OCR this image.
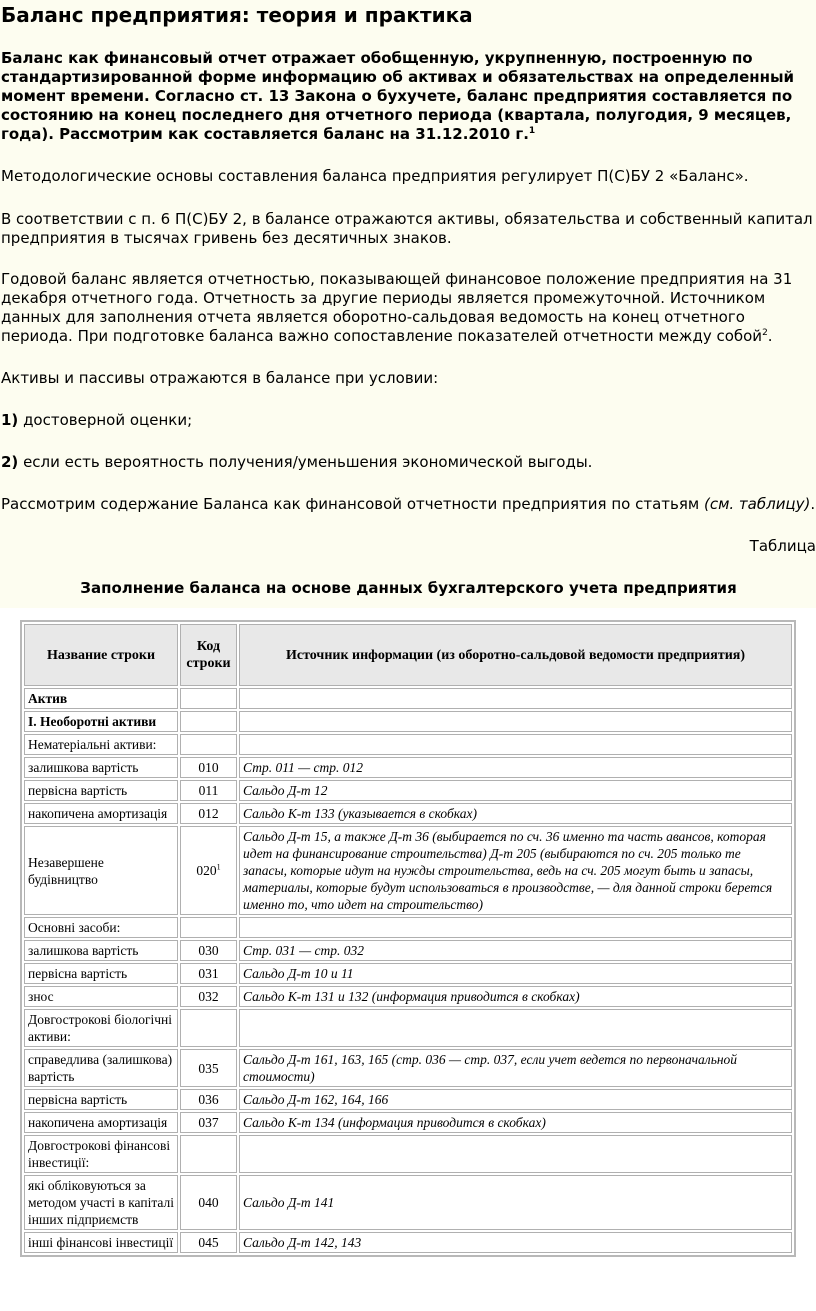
Баланс предприятия: теория и практика
Баланс как финансовый отчет отражает обобщенную, укрупненную, построенную по стандартизированной форме информацию об активах и обязательствах на определенный момент времени. Согласно ст. 13 Закона о бухучете, баланс предприятия составляется по состоянию на конец последнего дня отчетного периода (квартала, полугодия, 9 месяцев, года). Рассмотрим как составляется баланс на 31.12.2010 г.$^1$
Методологические основы составления баланса предприятия регулирует П(С)БУ 2 «Баланс».
В соответствии с п. 6 П(С)БУ 2, в балансе отражаются активы, обязательства и собственный капитал предприятия в тысячах гривень без десятичных знаков.
Годовой баланс является отчетностью, показывающей финансовое положение предприятия на 31 декабря отчетного года. Отчетность за другие периоды является промежуточной. Источником данных для заполнения отчета является оборотно-сальдовая ведомость на конец отчетного периода. При подготовке баланса важно сопоставление показателей отчетности между собой$^2$.
Активы и пассивы отражаются в балансе при условии:
1) достоверной оценки;
2) если есть вероятность получения/уменьшения экономической выгоды.
Рассмотрим содержание Баланса как финансовой отчетности предприятия по статьям (см. таблицу).
Таблица
Заполнение баланса на основе данных бухгалтерского учета предприятия
Название строки	Код строки	Источник информации (из оборотно-сальдовой ведомости предприятия)
Актив		
I. Необоротні активи		
Нематеріальні активи:		
залишкова вартість	010	Стр. 011 — стр. 012
первісна вартість	011	Сальдо Д-т 12
накопичена амортизація	012	Сальдо К-т 133 (указывается в скобках)
Незавершене будівництво	$020^1$	Сальдо Д-т 15, а также Д-т 36 (выбирается по сч. 36 именно та часть авансов, которая идет на финансирование строительства) Д-т 205 (выбираются по сч. 205 только те запасы, которые идут на нужды строительства, ведь на сч. 205 могут быть и запасы, материалы, которые будут использоваться в производстве, — для данной строки берется именно то, что идет на строительство)
Основні засоби:		
залишкова вартість	030	Стр. 031 — стр. 032
первісна вартість	031	Сальдо Д-т 10 и 11
знос	032	Сальдо К-т 131 и 132 (информация приводится в скобках)
Довгострокові біологічні активи:		
справедлива (залишкова) вартість	035	Сальдо Д-т 161, 163, 165 (стр. 036 — стр. 037, если учет ведется по первоначальной стоимости)
первісна вартість	036	Сальдо Д-т 162, 164, 166
накопичена амортизація	037	Сальдо К-т 134 (информация приводится в скобках)
Довгострокові фінансові інвестиції:		
які обліковуються за методом участі в капіталі інших підприємств	040	Сальдо Д-т 141
інші фінансові інвестиції	045	Сальдо Д-т 142, 143
